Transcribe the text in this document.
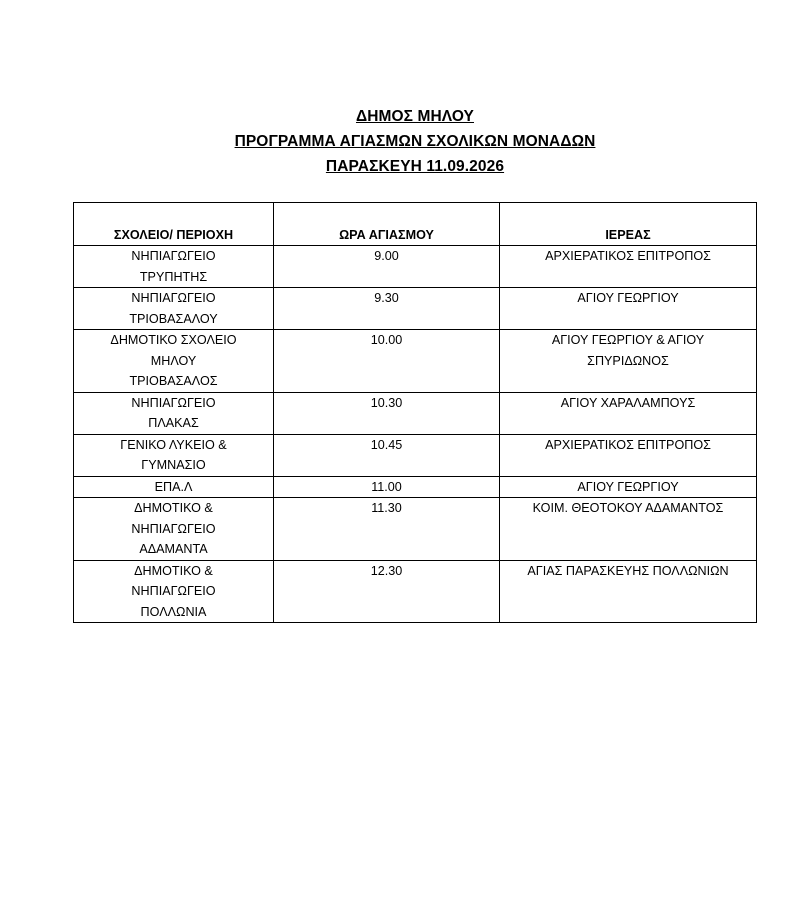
ΔΗΜΟΣ ΜΗΛΟΥ
ΠΡΟΓΡΑΜΜΑ ΑΓΙΑΣΜΩΝ ΣΧΟΛΙΚΩΝ ΜΟΝΑΔΩΝ
ΠΑΡΑΣΚΕΥΗ 11.09.2026
ΣΧΟΛΕΙΟ/ ΠΕΡΙΟΧΗ	ΩΡΑ ΑΓΙΑΣΜΟΥ	ΙΕΡΕΑΣ

ΝΗΠΙΑΓΩΓΕΙΟ
ΤΡΥΠΗΤΗΣ	9.00	ΑΡΧΙΕΡΑΤΙΚΟΣ ΕΠΙΤΡΟΠΟΣ

ΝΗΠΙΑΓΩΓΕΙΟ
ΤΡΙΟΒΑΣΑΛΟΥ	9.30	ΑΓΙΟΥ ΓΕΩΡΓΙΟΥ

ΔΗΜΟΤΙΚΟ ΣΧΟΛΕΙΟ
ΜΗΛΟΥ
ΤΡΙΟΒΑΣΑΛΟΣ	10.00	ΑΓΙΟΥ ΓΕΩΡΓΙΟΥ & ΑΓΙΟΥ
ΣΠΥΡΙΔΩΝΟΣ

ΝΗΠΙΑΓΩΓΕΙΟ
ΠΛΑΚΑΣ	10.30	ΑΓΙΟΥ ΧΑΡΑΛΑΜΠΟΥΣ

ΓΕΝΙΚΟ ΛΥΚΕΙΟ &
ΓΥΜΝΑΣΙΟ	10.45	ΑΡΧΙΕΡΑΤΙΚΟΣ ΕΠΙΤΡΟΠΟΣ

ΕΠΑ.Λ	11.00	ΑΓΙΟΥ ΓΕΩΡΓΙΟΥ

ΔΗΜΟΤΙΚΟ &
ΝΗΠΙΑΓΩΓΕΙΟ
ΑΔΑΜΑΝΤΑ	11.30	ΚΟΙΜ. ΘΕΟΤΟΚΟΥ ΑΔΑΜΑΝΤΟΣ

ΔΗΜΟΤΙΚΟ &
ΝΗΠΙΑΓΩΓΕΙΟ
ΠΟΛΛΩΝΙΑ	12.30	ΑΓΙΑΣ ΠΑΡΑΣΚΕΥΗΣ ΠΟΛΛΩΝΙΩΝ
